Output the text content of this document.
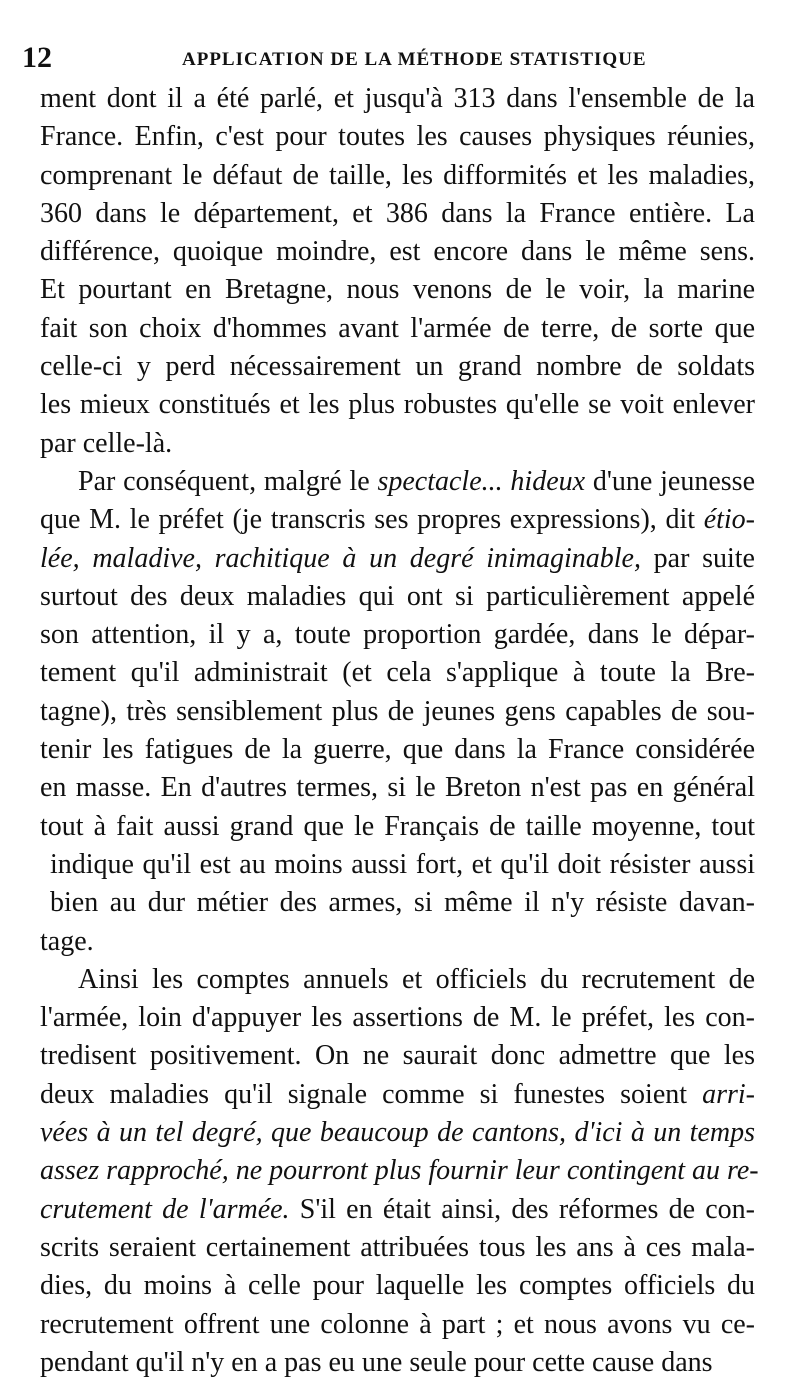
12	APPLICATION DE LA MÉTHODE STATISTIQUE
ment dont il a été parlé, et jusqu'à 313 dans l'ensemble de la
France. Enfin, c'est pour toutes les causes physiques réunies,
comprenant le défaut de taille, les difformités et les maladies,
360 dans le département, et 386 dans la France entière. La
différence, quoique moindre, est encore dans le même sens.
Et pourtant en Bretagne, nous venons de le voir, la marine
fait son choix d'hommes avant l'armée de terre, de sorte que
celle-ci y perd nécessairement un grand nombre de soldats
les mieux constitués et les plus robustes qu'elle se voit enlever
par celle-là.
Par conséquent, malgré le spectacle... hideux d'une jeunesse
que M. le préfet (je transcris ses propres expressions), dit étio-
lée, maladive, rachitique à un degré inimaginable, par suite
surtout des deux maladies qui ont si particulièrement appelé
son attention, il y a, toute proportion gardée, dans le dépar-
tement qu'il administrait (et cela s'applique à toute la Bre-
tagne), très sensiblement plus de jeunes gens capables de sou-
tenir les fatigues de la guerre, que dans la France considérée
en masse. En d'autres termes, si le Breton n'est pas en général
tout à fait aussi grand que le Français de taille moyenne, tout
indique qu'il est au moins aussi fort, et qu'il doit résister aussi
bien au dur métier des armes, si même il n'y résiste davan-
tage.
Ainsi les comptes annuels et officiels du recrutement de
l'armée, loin d'appuyer les assertions de M. le préfet, les con-
tredisent positivement. On ne saurait donc admettre que les
deux maladies qu'il signale comme si funestes soient arri-
vées à un tel degré, que beaucoup de cantons, d'ici à un temps
assez rapproché, ne pourront plus fournir leur contingent au re-
crutement de l'armée. S'il en était ainsi, des réformes de con-
scrits seraient certainement attribuées tous les ans à ces mala-
dies, du moins à celle pour laquelle les comptes officiels du
recrutement offrent une colonne à part ; et nous avons vu ce-
pendant qu'il n'y en a pas eu une seule pour cette cause dans
